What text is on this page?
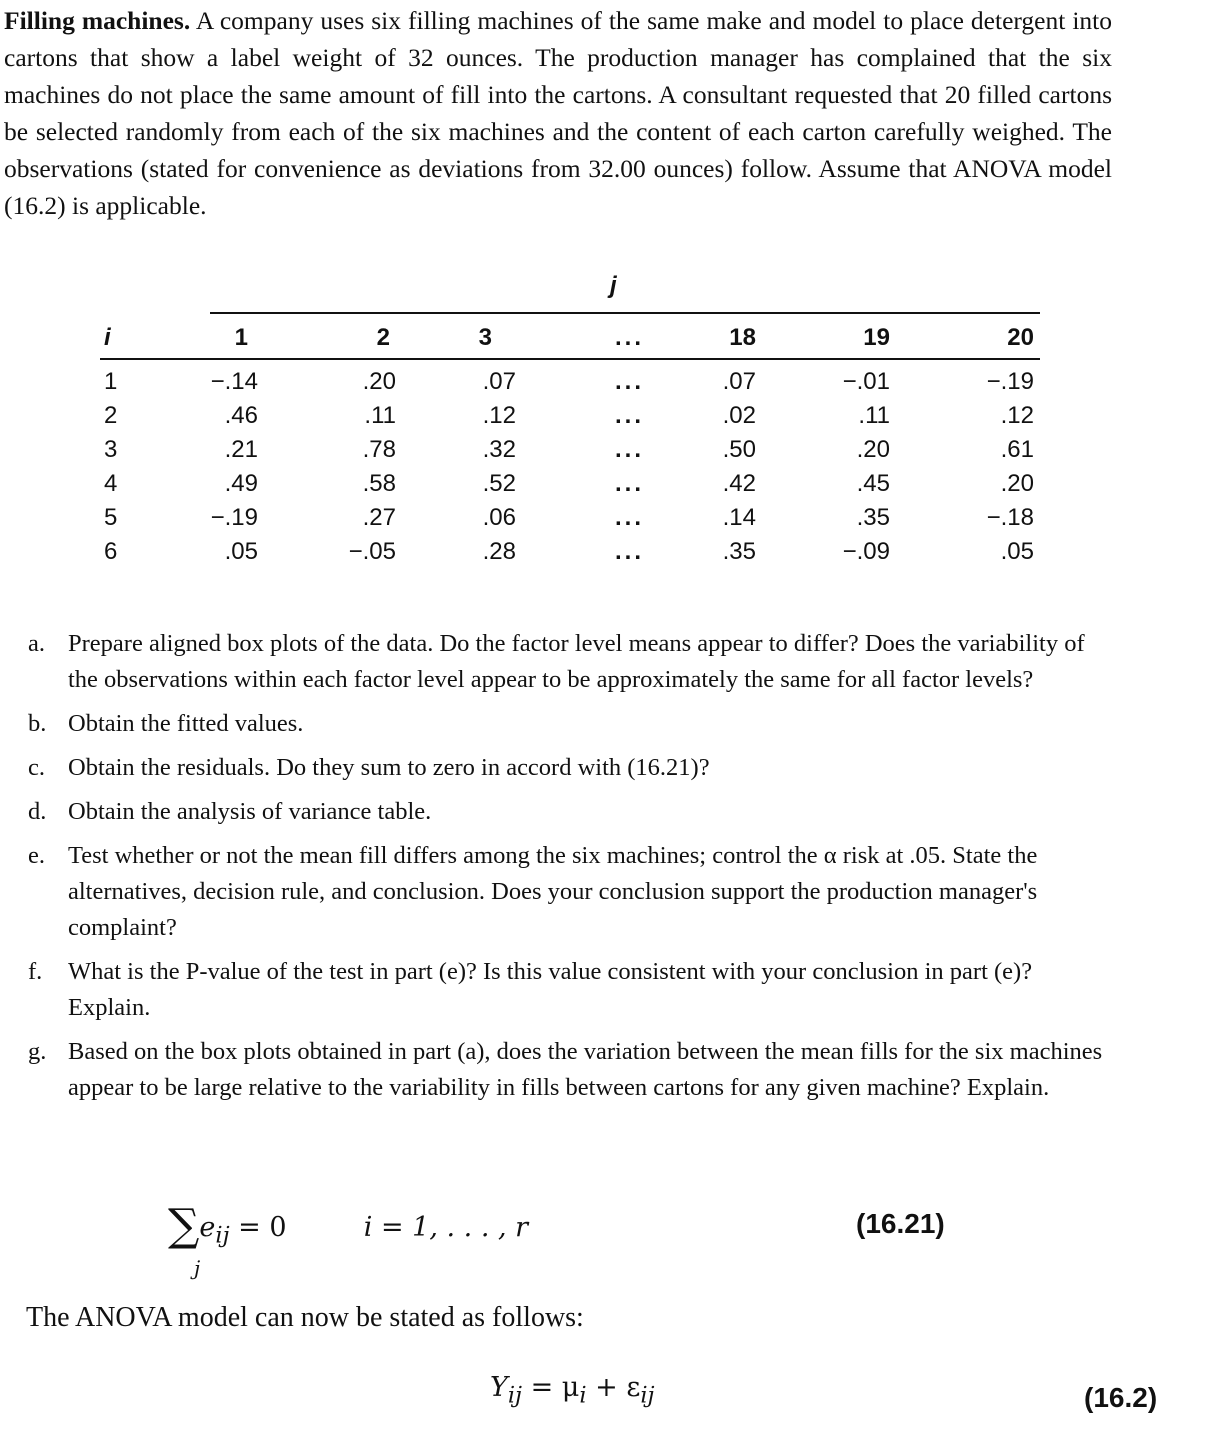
Filling machines. A company uses six filling machines of the same make and model to place detergent into cartons that show a label weight of 32 ounces. The production manager has complained that the six machines do not place the same amount of fill into the cartons. A consultant requested that 20 filled cartons be selected randomly from each of the six machines and the content of each carton carefully weighed. The observations (stated for convenience as deviations from 32.00 ounces) follow. Assume that ANOVA model (16.2) is applicable.
j
i	1	2	3	...	18	19	20
1	−.14	.20	.07	...	.07	−.01	−.19
2	.46	.11	.12	...	.02	.11	.12
3	.21	.78	.32	...	.50	.20	.61
4	.49	.58	.52	...	.42	.45	.20
5	−.19	.27	.06	...	.14	.35	−.18
6	.05	−.05	.28	...	.35	−.09	.05
a. Prepare aligned box plots of the data. Do the factor level means appear to differ? Does the variability of the observations within each factor level appear to be approximately the same for all factor levels?
b. Obtain the fitted values.
c. Obtain the residuals. Do they sum to zero in accord with (16.21)?
d. Obtain the analysis of variance table.
e. Test whether or not the mean fill differs among the six machines; control the α risk at .05. State the alternatives, decision rule, and conclusion. Does your conclusion support the production manager's complaint?
f. What is the P-value of the test in part (e)? Is this value consistent with your conclusion in part (e)? Explain.
g. Based on the box plots obtained in part (a), does the variation between the mean fills for the six machines appear to be large relative to the variability in fills between cartons for any given machine? Explain.
$\sum e_{ij} = 0$	i = 1, . . . , r
j
(16.21)
The ANOVA model can now be stated as follows:
$Y_{ij} = \mu_i + \varepsilon_{ij}$	(16.2)
